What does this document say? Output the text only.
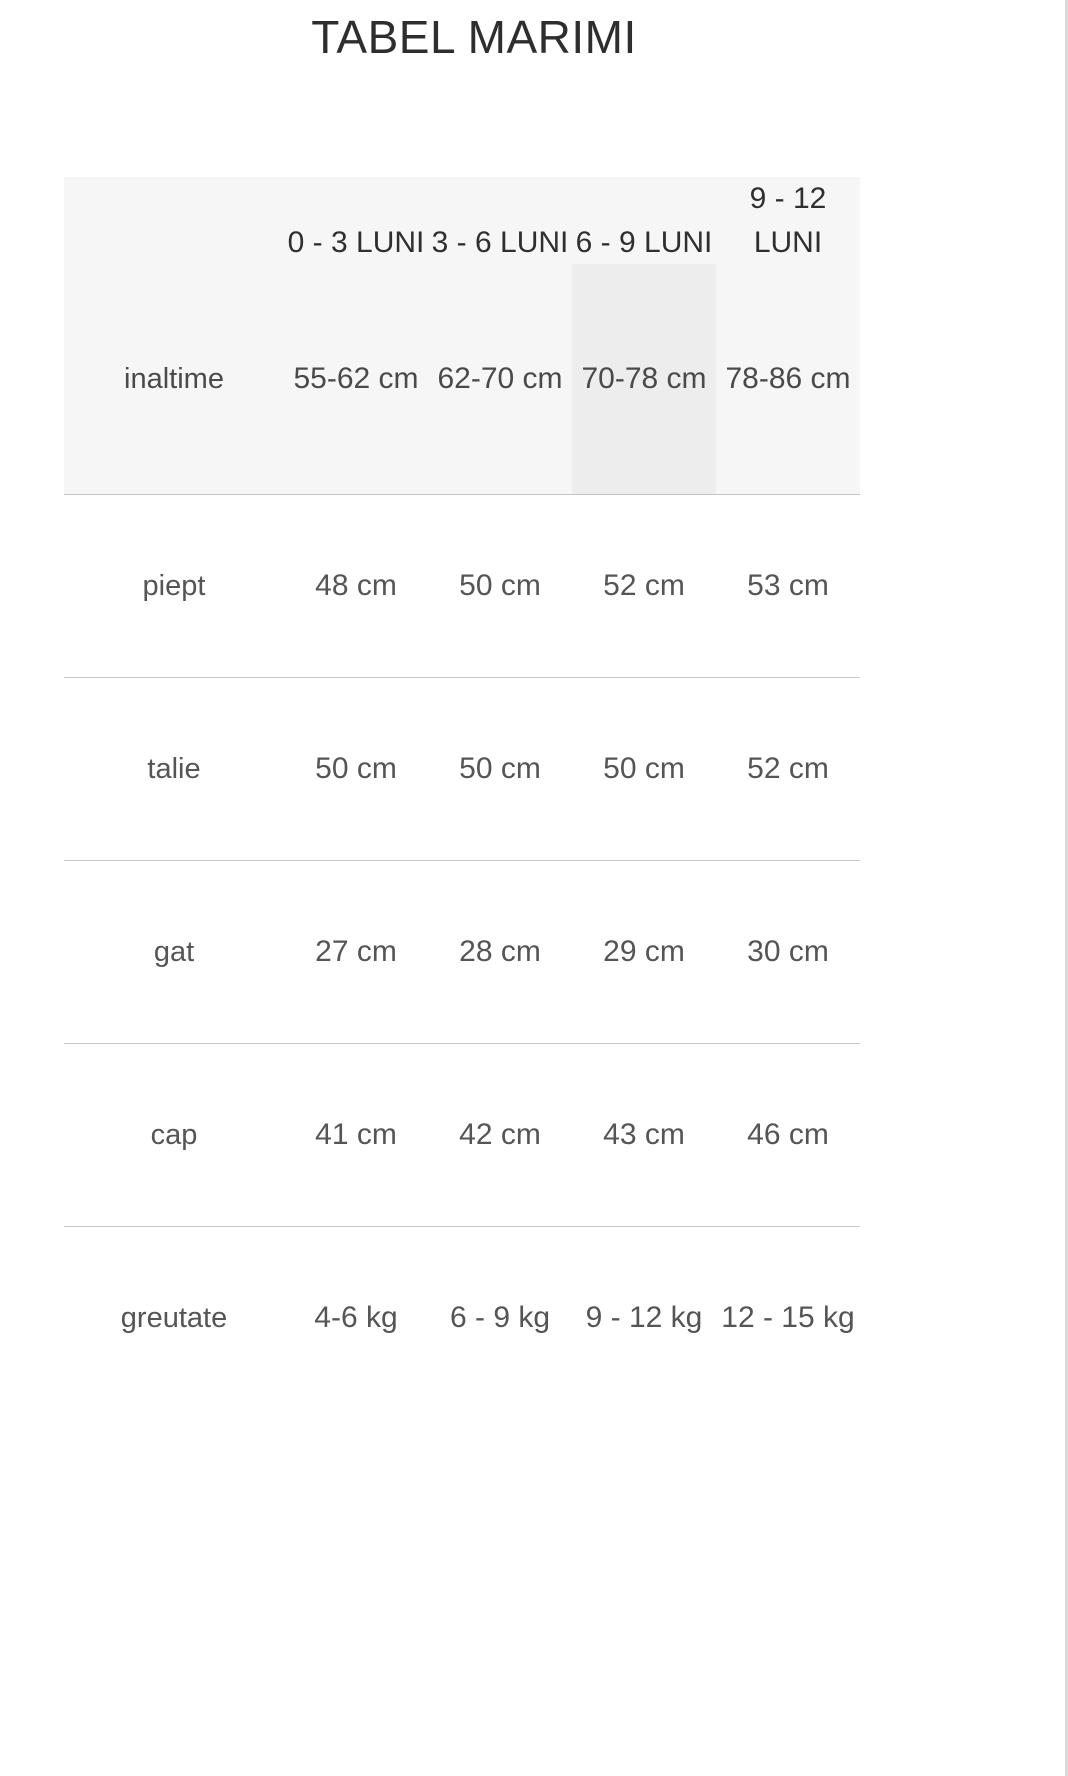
TABEL MARIMI
	0 - 3 LUNI	3 - 6 LUNI	6 - 9 LUNI	9 - 12 LUNI
inaltime	55-62 cm	62-70 cm	70-78 cm	78-86 cm
piept	48 cm	50 cm	52 cm	53 cm
talie	50 cm	50 cm	50 cm	52 cm
gat	27 cm	28 cm	29 cm	30 cm
cap	41 cm	42 cm	43 cm	46 cm
greutate	4-6 kg	6 - 9 kg	9 - 12 kg	12 - 15 kg
